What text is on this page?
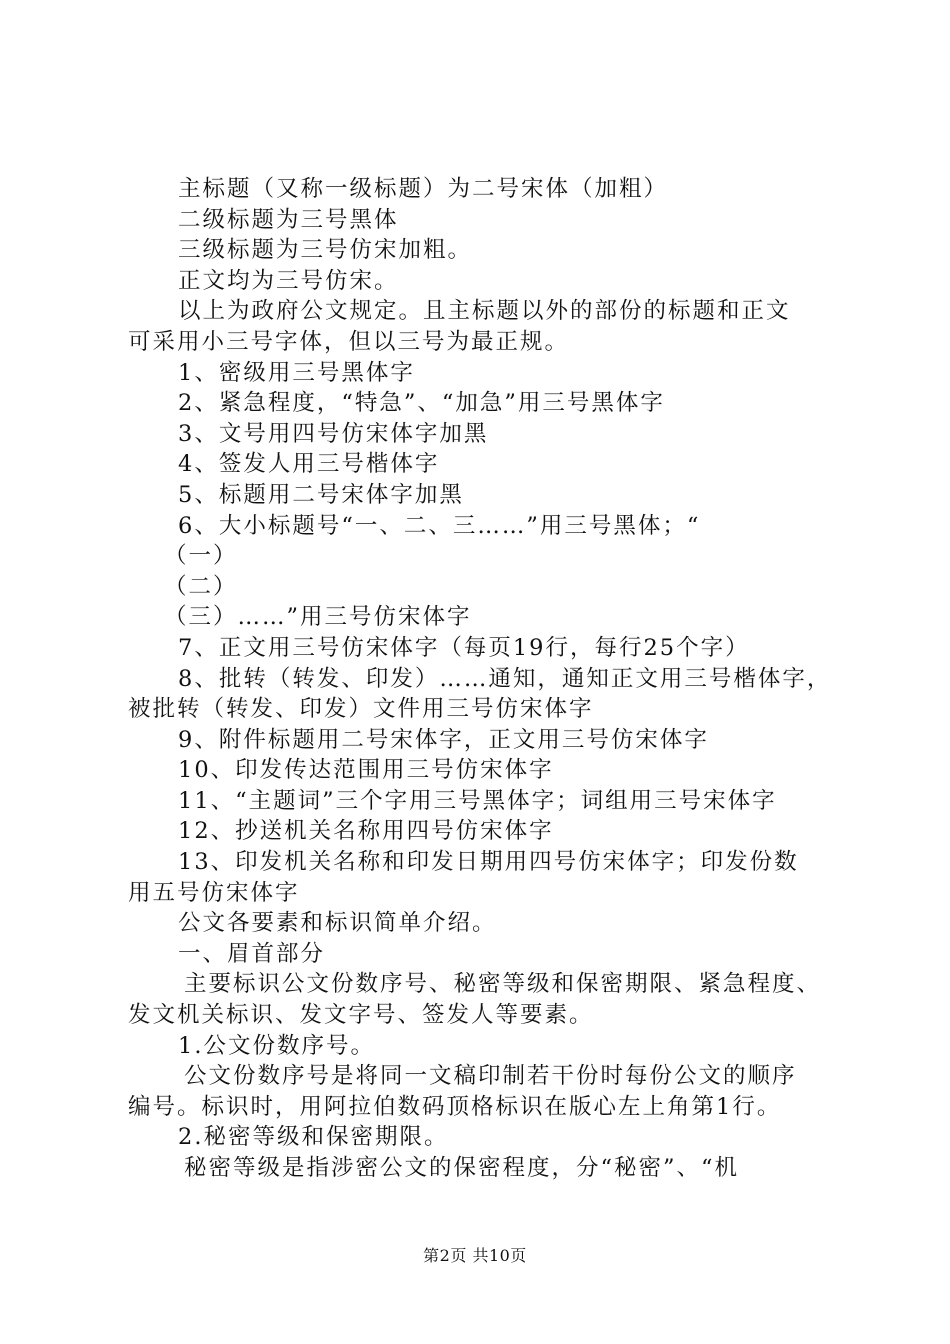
主标题（又称一级标题）为二号宋体（加粗）

二级标题为三号黑体

三级标题为三号仿宋加粗。

正文均为三号仿宋。

以上为政府公文规定。且主标题以外的部份的标题和正文

可采用小三号字体，但以三号为最正规。

1、密级用三号黑体字

2、紧急程度，“特急”、“加急”用三号黑体字

3、文号用四号仿宋体字加黑

4、签发人用三号楷体字

5、标题用二号宋体字加黑

6、大小标题号“一、二、三……”用三号黑体；“

（一）

（二）

（三）……”用三号仿宋体字

7、正文用三号仿宋体字（每页19行，每行25个字）

8、批转（转发、印发）……通知，通知正文用三号楷体字，

被批转（转发、印发）文件用三号仿宋体字

9、附件标题用二号宋体字，正文用三号仿宋体字

10、印发传达范围用三号仿宋体字

11、“主题词”三个字用三号黑体字；词组用三号宋体字

12、抄送机关名称用四号仿宋体字

13、印发机关名称和印发日期用四号仿宋体字；印发份数

用五号仿宋体字

公文各要素和标识简单介绍。

一、眉首部分

主要标识公文份数序号、秘密等级和保密期限、紧急程度、

发文机关标识、发文字号、签发人等要素。

1.公文份数序号。

公文份数序号是将同一文稿印制若干份时每份公文的顺序

编号。标识时，用阿拉伯数码顶格标识在版心左上角第1行。

2.秘密等级和保密期限。

秘密等级是指涉密公文的保密程度，分“秘密”、“机

第2页 共10页
